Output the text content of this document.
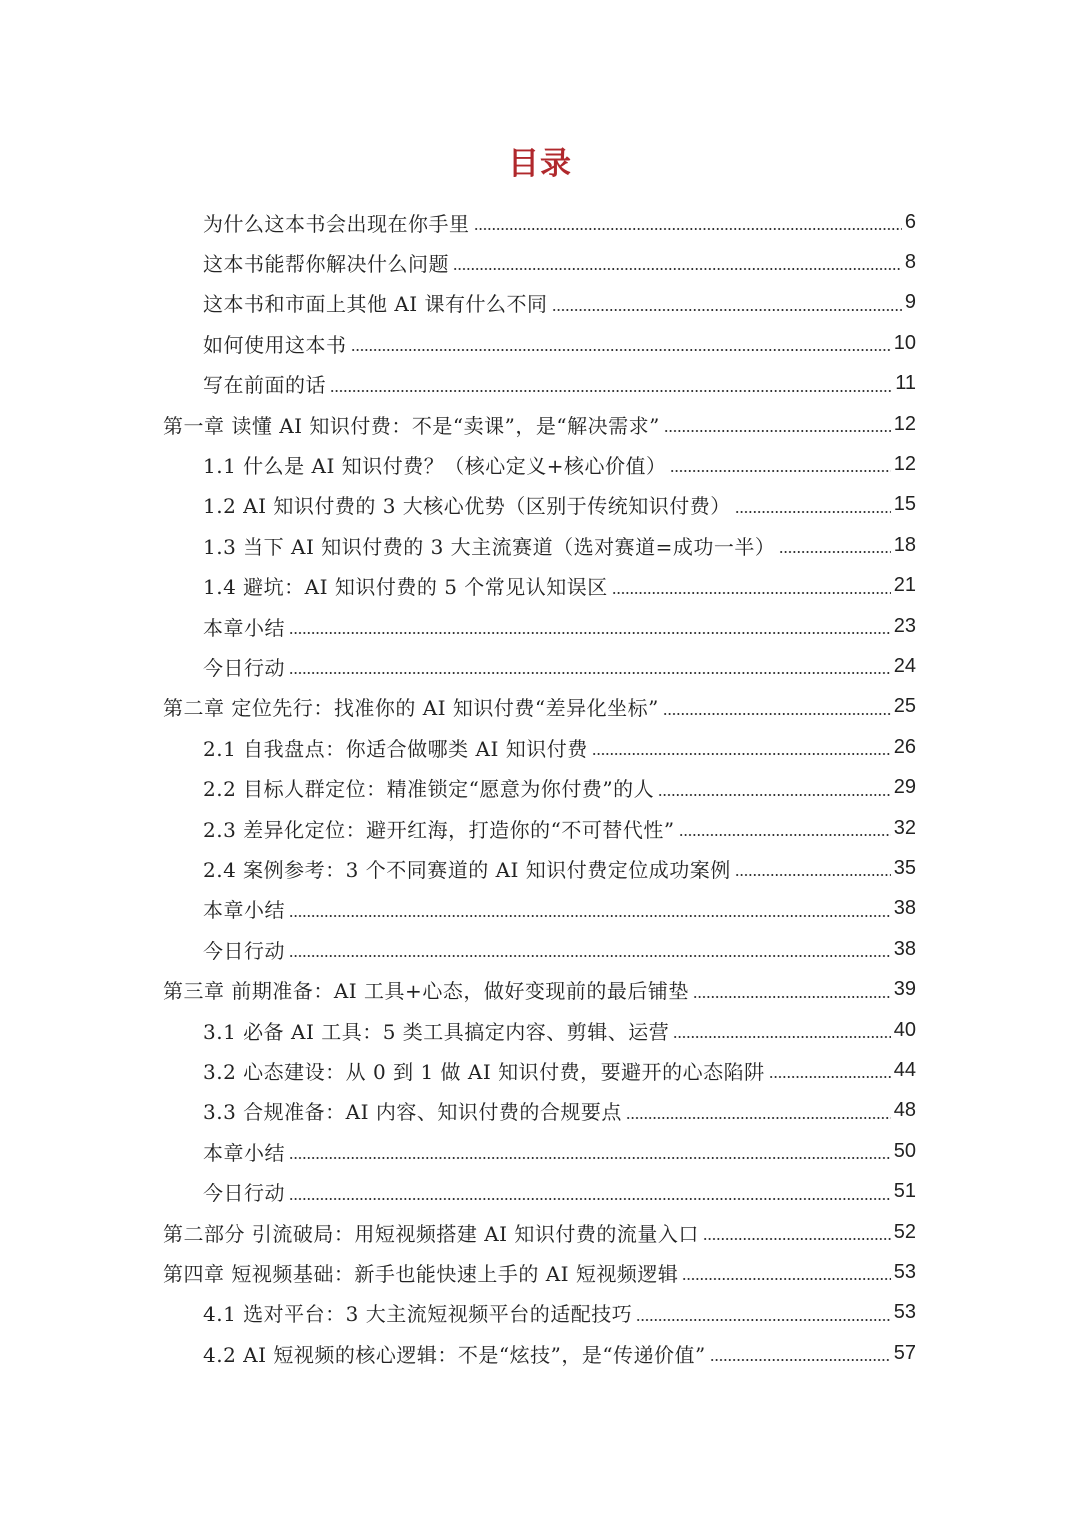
目录
为什么这本书会出现在你手里	6
这本书能帮你解决什么问题	8
这本书和市面上其他 AI 课有什么不同	9
如何使用这本书	10
写在前面的话	11
第一章 读懂 AI 知识付费：不是“卖课”，是“解决需求”	12
1.1 什么是 AI 知识付费？（核心定义+核心价值）	12
1.2 AI 知识付费的 3 大核心优势（区别于传统知识付费）	15
1.3 当下 AI 知识付费的 3 大主流赛道（选对赛道=成功一半）	18
1.4 避坑：AI 知识付费的 5 个常见认知误区	21
本章小结	23
今日行动	24
第二章 定位先行：找准你的 AI 知识付费“差异化坐标”	25
2.1 自我盘点：你适合做哪类 AI 知识付费	26
2.2 目标人群定位：精准锁定“愿意为你付费”的人	29
2.3 差异化定位：避开红海，打造你的“不可替代性”	32
2.4 案例参考：3 个不同赛道的 AI 知识付费定位成功案例	35
本章小结	38
今日行动	38
第三章 前期准备：AI 工具+心态，做好变现前的最后铺垫	39
3.1 必备 AI 工具：5 类工具搞定内容、剪辑、运营	40
3.2 心态建设：从 0 到 1 做 AI 知识付费，要避开的心态陷阱	44
3.3 合规准备：AI 内容、知识付费的合规要点	48
本章小结	50
今日行动	51
第二部分 引流破局：用短视频搭建 AI 知识付费的流量入口	52
第四章 短视频基础：新手也能快速上手的 AI 短视频逻辑	53
4.1 选对平台：3 大主流短视频平台的适配技巧	53
4.2 AI 短视频的核心逻辑：不是“炫技”，是“传递价值”	57
